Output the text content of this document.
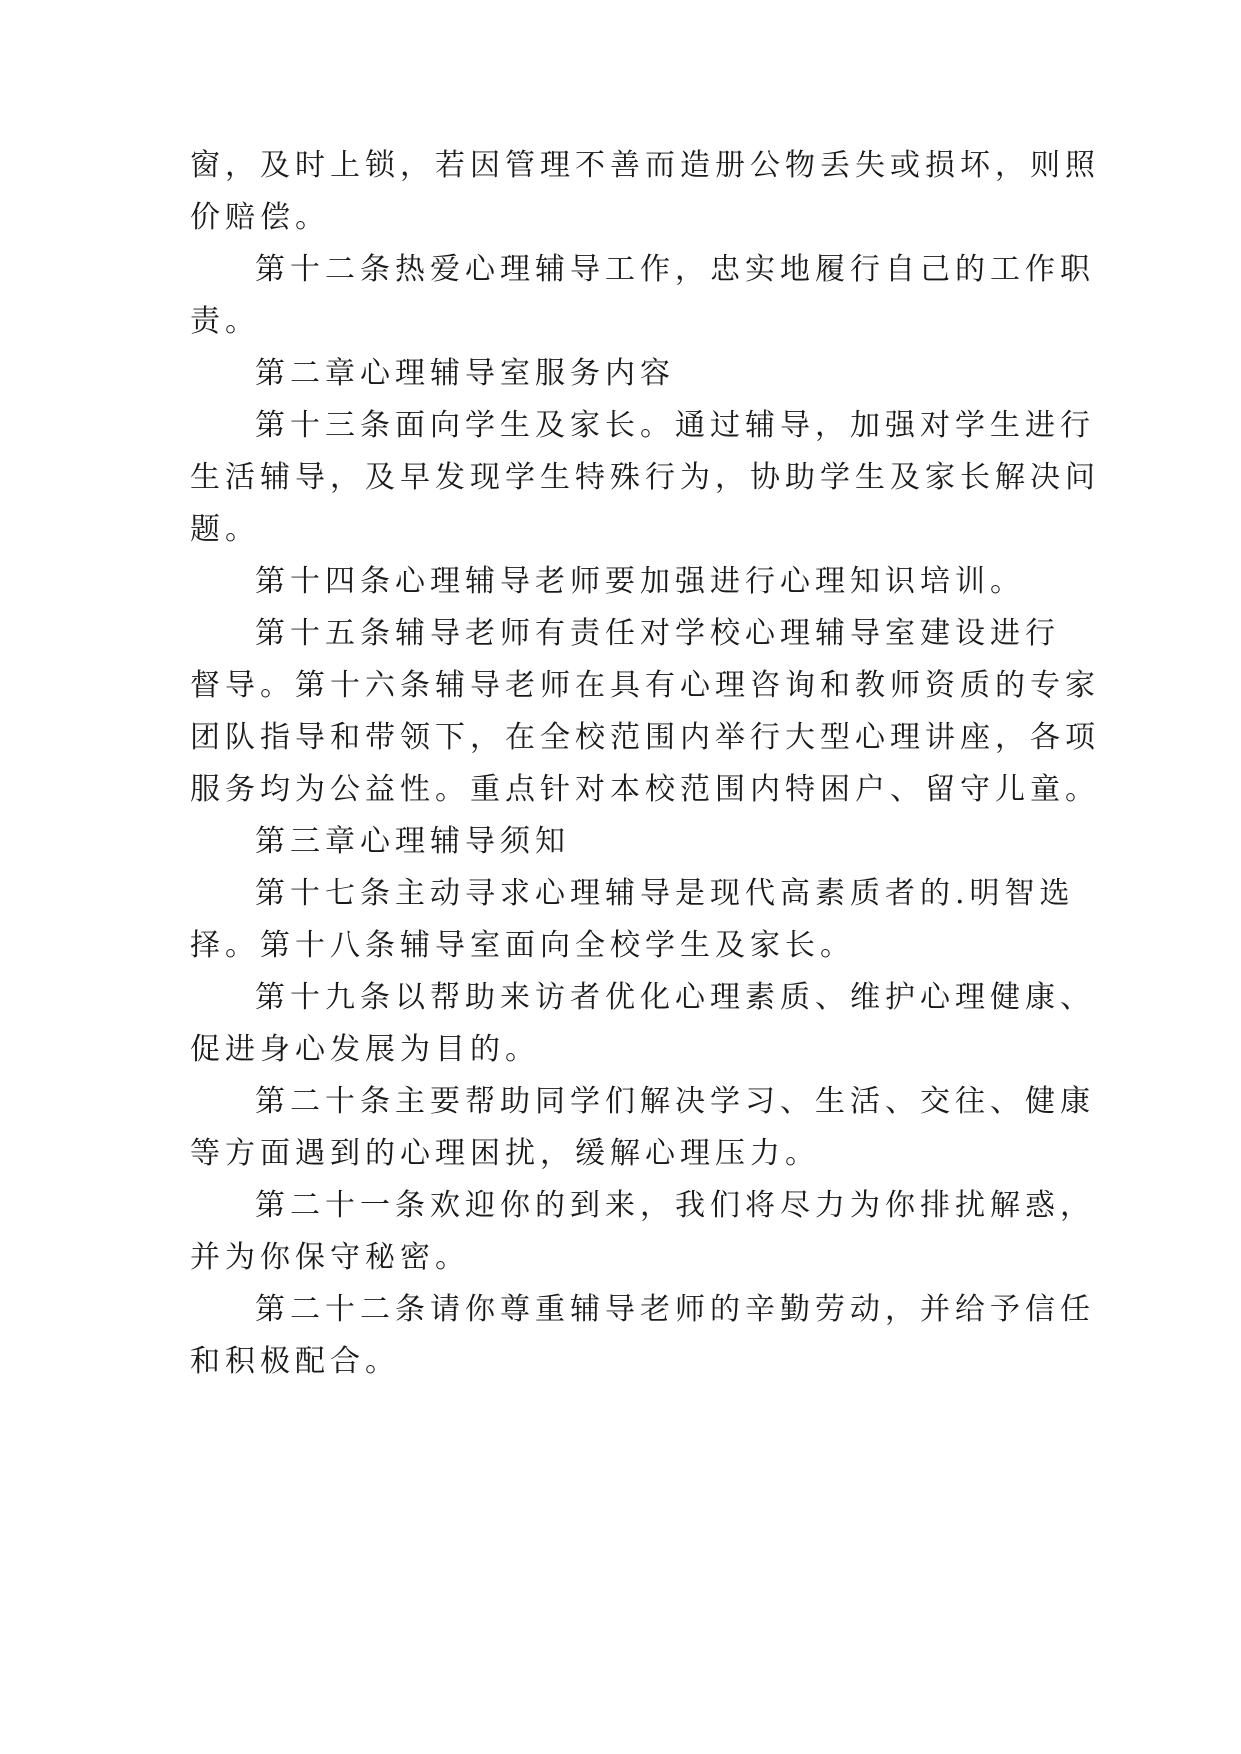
窗，及时上锁，若因管理不善而造册公物丢失或损坏，则照

价赔偿。

第十二条热爱心理辅导工作，忠实地履行自己的工作职

责。

第二章心理辅导室服务内容

第十三条面向学生及家长。通过辅导，加强对学生进行

生活辅导，及早发现学生特殊行为，协助学生及家长解决问

题。

第十四条心理辅导老师要加强进行心理知识培训。

第十五条辅导老师有责任对学校心理辅导室建设进行

督导。第十六条辅导老师在具有心理咨询和教师资质的专家

团队指导和带领下，在全校范围内举行大型心理讲座，各项

服务均为公益性。重点针对本校范围内特困户、留守儿童。

第三章心理辅导须知

第十七条主动寻求心理辅导是现代高素质者的.明智选

择。第十八条辅导室面向全校学生及家长。

第十九条以帮助来访者优化心理素质、维护心理健康、

促进身心发展为目的。

第二十条主要帮助同学们解决学习、生活、交往、健康

等方面遇到的心理困扰，缓解心理压力。

第二十一条欢迎你的到来，我们将尽力为你排扰解惑，

并为你保守秘密。

第二十二条请你尊重辅导老师的辛勤劳动，并给予信任

和积极配合。
